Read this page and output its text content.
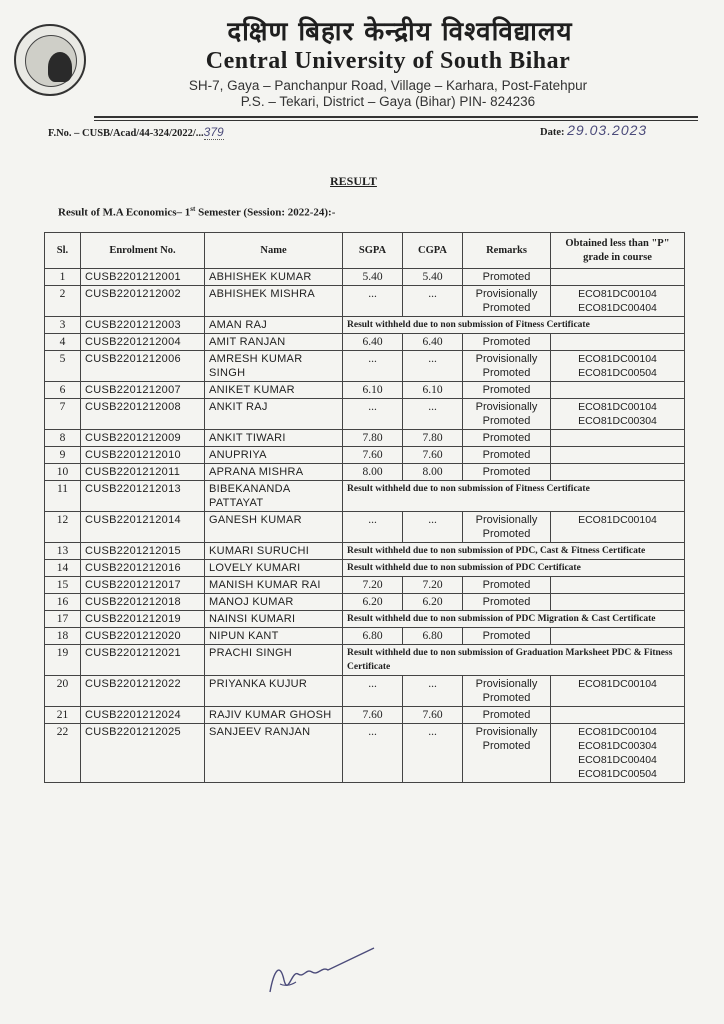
दक्षिण बिहार केन्द्रीय विश्वविद्यालय
Central University of South Bihar
SH-7, Gaya – Panchanpur Road, Village – Karhara, Post-Fatehpur
P.S. – Tekari, District – Gaya (Bihar) PIN- 824236
F.No. – CUSB/Acad/44-324/2022/...379	Date: 29.03.2023
RESULT
Result of M.A Economics– 1st Semester (Session: 2022-24):-
Sl.	Enrolment No.	Name	SGPA	CGPA	Remarks	Obtained less than "P" grade in course
1	CUSB2201212001	ABHISHEK KUMAR	5.40	5.40	Promoted	
2	CUSB2201212002	ABHISHEK MISHRA	...	...	Provisionally Promoted	ECO81DC00104
ECO81DC00404

3	CUSB2201212003	AMAN RAJ	Result withheld due to non submission of Fitness Certificate			
4	CUSB2201212004	AMIT RANJAN	6.40	6.40	Promoted	
5	CUSB2201212006	AMRESH KUMAR SINGH	...	...	Provisionally Promoted	ECO81DC00104
ECO81DC00504

6	CUSB2201212007	ANIKET KUMAR	6.10	6.10	Promoted	
7	CUSB2201212008	ANKIT RAJ	...	...	Provisionally Promoted	ECO81DC00104
ECO81DC00304

8	CUSB2201212009	ANKIT TIWARI	7.80	7.80	Promoted	
9	CUSB2201212010	ANUPRIYA	7.60	7.60	Promoted	
10	CUSB2201212011	APRANA MISHRA	8.00	8.00	Promoted	
11	CUSB2201212013	BIBEKANANDA PATTAYAT	Result withheld due to non submission of Fitness Certificate			
12	CUSB2201212014	GANESH KUMAR	...	...	Provisionally Promoted	ECO81DC00104

13	CUSB2201212015	KUMARI SURUCHI	Result withheld due to non submission of PDC, Cast & Fitness Certificate			
14	CUSB2201212016	LOVELY KUMARI	Result withheld due to non submission of PDC Certificate			
15	CUSB2201212017	MANISH KUMAR RAI	7.20	7.20	Promoted	
16	CUSB2201212018	MANOJ KUMAR	6.20	6.20	Promoted	
17	CUSB2201212019	NAINSI KUMARI	Result withheld due to non submission of PDC Migration & Cast Certificate			
18	CUSB2201212020	NIPUN KANT	6.80	6.80	Promoted	
19	CUSB2201212021	PRACHI SINGH	Result withheld due to non submission of Graduation Marksheet PDC & Fitness Certificate			
20	CUSB2201212022	PRIYANKA KUJUR	...	...	Provisionally Promoted	ECO81DC00104

21	CUSB2201212024	RAJIV KUMAR GHOSH	7.60	7.60	Promoted	
22	CUSB2201212025	SANJEEV RANJAN	...	...	Provisionally Promoted	ECO81DC00104
ECO81DC00304
ECO81DC00404
ECO81DC00504
